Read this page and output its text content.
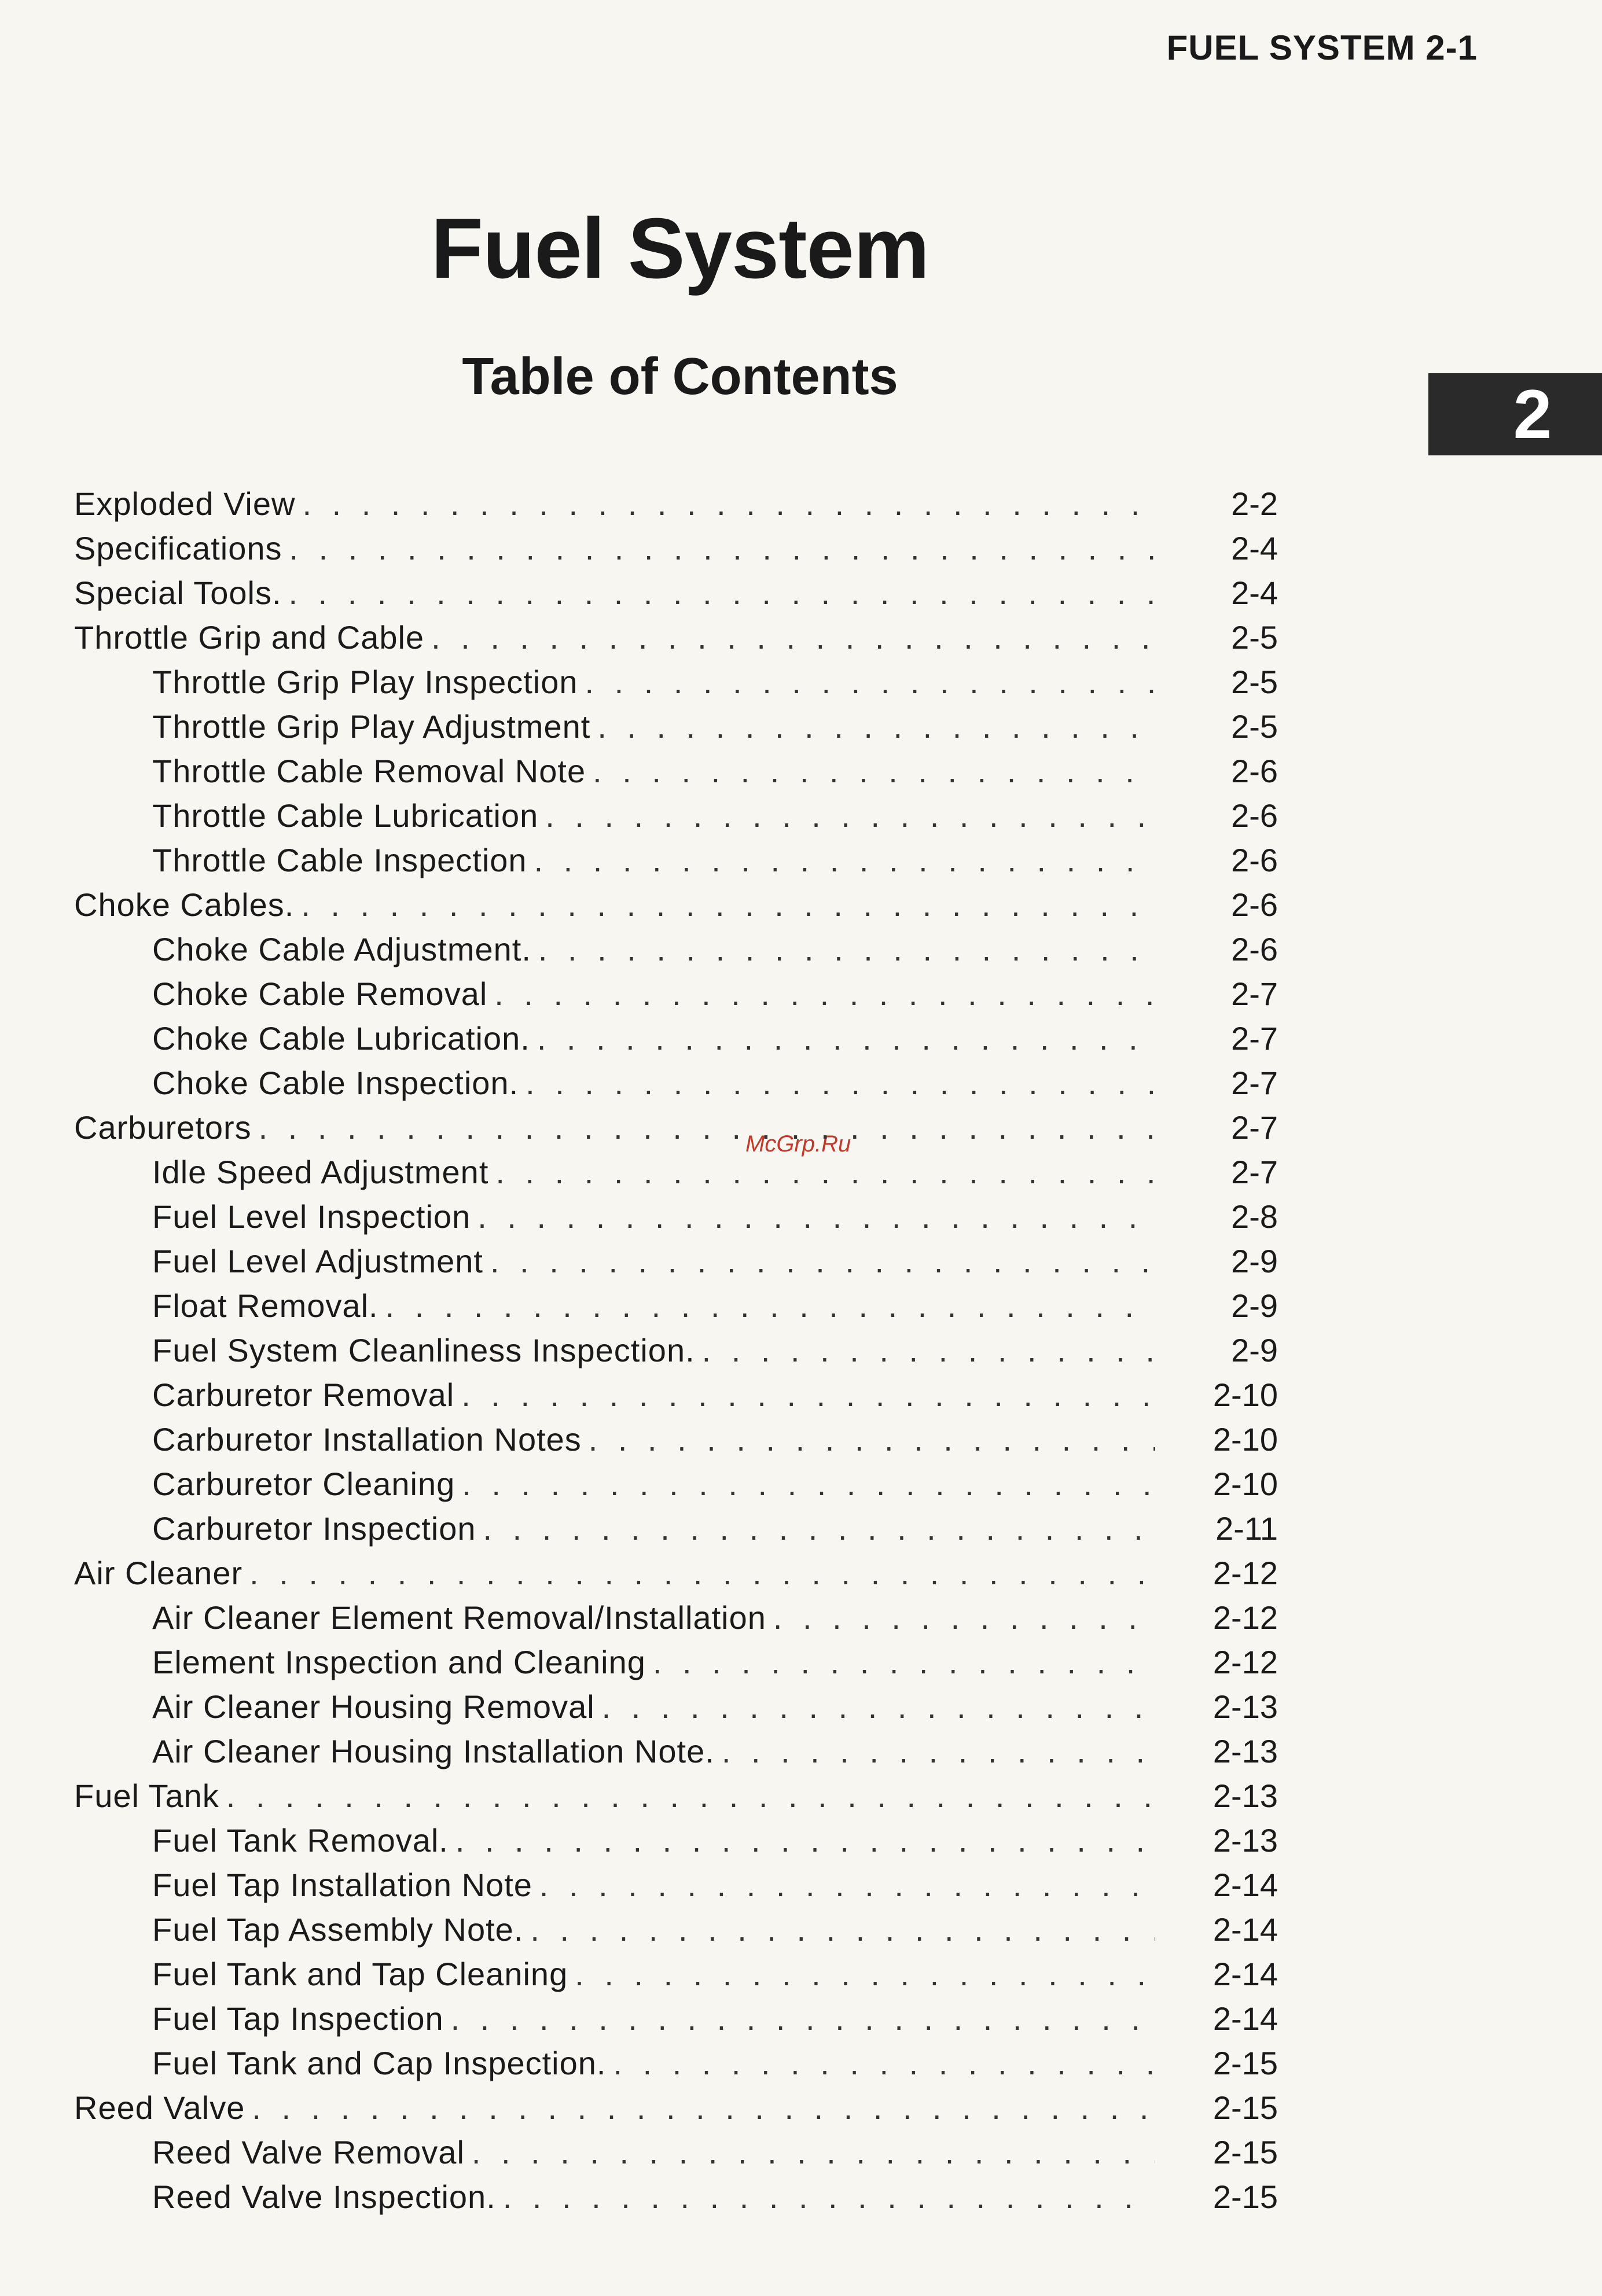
FUEL SYSTEM 2-1
2
Fuel System
Table of Contents
McGrp.Ru
Exploded View . . .	2-2
Specifications . . .	2-4
Special Tools. . . .	2-4
Throttle Grip and Cable . . .	2-5
Throttle Grip Play Inspection . . .	2-5
Throttle Grip Play Adjustment . . .	2-5
Throttle Cable Removal Note . . .	2-6
Throttle Cable Lubrication . . .	2-6
Throttle Cable Inspection . . .	2-6
Choke Cables. . . .	2-6
Choke Cable Adjustment. . . .	2-6
Choke Cable Removal . . .	2-7
Choke Cable Lubrication. . . .	2-7
Choke Cable Inspection. . . .	2-7
Carburetors . . .	2-7
Idle Speed Adjustment . . .	2-7
Fuel Level Inspection . . .	2-8
Fuel Level Adjustment . . .	2-9
Float Removal. . . .	2-9
Fuel System Cleanliness Inspection. . . .	2-9
Carburetor Removal . . .	2-10
Carburetor Installation Notes . . .	2-10
Carburetor Cleaning . . .	2-10
Carburetor Inspection . . .	2-11
Air Cleaner . . .	2-12
Air Cleaner Element Removal/Installation . . .	2-12
Element Inspection and Cleaning . . .	2-12
Air Cleaner Housing Removal . . .	2-13
Air Cleaner Housing Installation Note. . . .	2-13
Fuel Tank . . .	2-13
Fuel Tank Removal. . . .	2-13
Fuel Tap Installation Note . . .	2-14
Fuel Tap Assembly Note. . . .	2-14
Fuel Tank and Tap Cleaning . . .	2-14
Fuel Tap Inspection . . .	2-14
Fuel Tank and Cap Inspection. . . .	2-15
Reed Valve . . .	2-15
Reed Valve Removal . . .	2-15
Reed Valve Inspection. . . .	2-15
